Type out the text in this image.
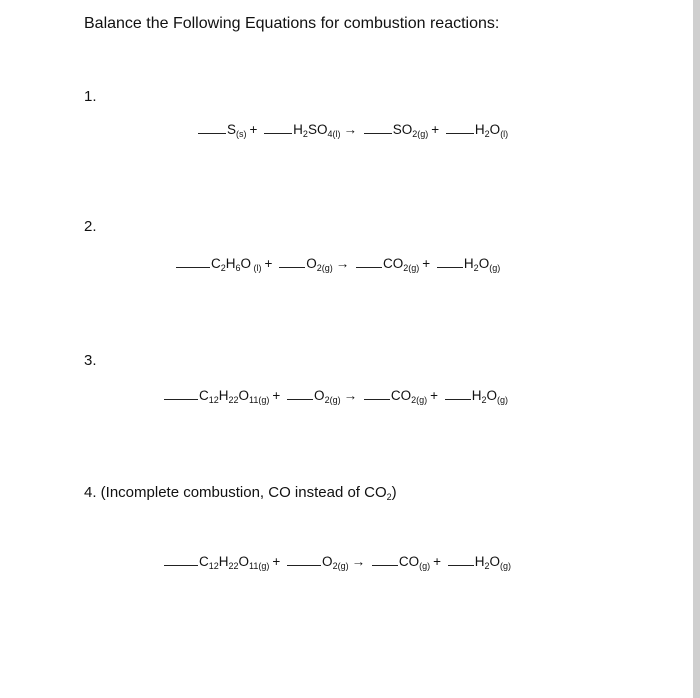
Balance the Following Equations for combustion reactions:
1.
2.
3.
4. (Incomplete combustion, CO instead of $CO_2$)
$S_{(s)}$ +	$H_2SO_{4(l)}$ →	$SO_{2(g)}$ +	$H_2O_{(l)}$
$C_2H_6O$ $_{(l)}$ +	$O_{2(g)}$ →	$CO_{2(g)}$ +	$H_2O_{(g)}$
$C_{12}H_{22}O_{11(g)}$ +	$O_{2(g)}$ →	$CO_{2(g)}$ +	$H_2O_{(g)}$
$C_{12}H_{22}O_{11(g)}$ +	$O_{2(g)}$ →	$CO_{(g)}$ +	$H_2O_{(g)}$
